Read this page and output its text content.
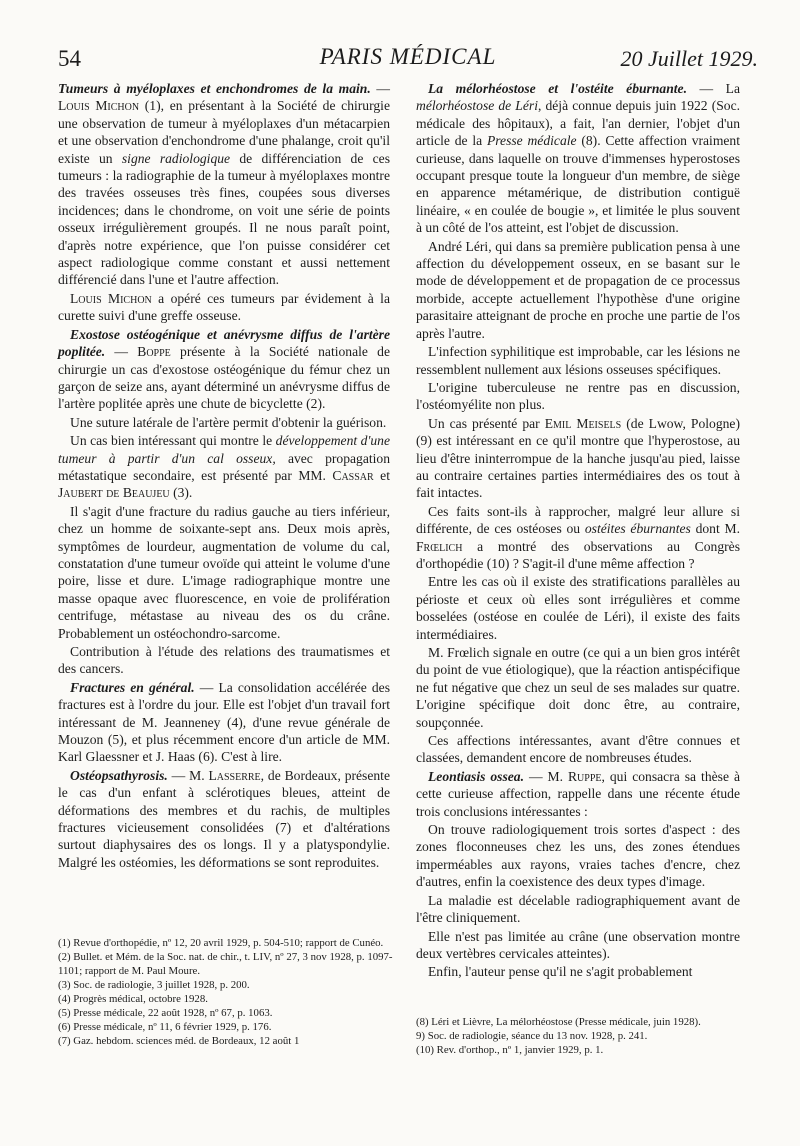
54	PARIS MÉDICAL	20 Juillet 1929.

Tumeurs à myéloplaxes et enchondromes de la main. — Louis Michon (1), en présentant à la Société de chirurgie une observation de tumeur à myéloplaxes d'un métacarpien et une observation d'enchondrome d'une phalange, croit qu'il existe un signe radiologique de différenciation de ces tumeurs : la radiographie de la tumeur à myéloplaxes montre des travées osseuses très fines, coupées sous diverses incidences; dans le chondrome, on voit une série de points osseux irrégulièrement groupés. Il ne nous paraît point, d'après notre expérience, que l'on puisse considérer cet aspect radiologique comme constant et aussi nettement différencié dans l'une et l'autre affection.

Louis Michon a opéré ces tumeurs par évidement à la curette suivi d'une greffe osseuse.

Exostose ostéogénique et anévrysme diffus de l'artère poplitée. — Boppe présente à la Société nationale de chirurgie un cas d'exostose ostéogénique du fémur chez un garçon de seize ans, ayant déterminé un anévrysme diffus de l'artère poplitée après une chute de bicyclette (2).

Une suture latérale de l'artère permit d'obtenir la guérison.

Un cas bien intéressant qui montre le développement d'une tumeur à partir d'un cal osseux, avec propagation métastatique secondaire, est présenté par MM. Cassar et Jaubert de Beaujeu (3).

Il s'agit d'une fracture du radius gauche au tiers inférieur, chez un homme de soixante-sept ans. Deux mois après, symptômes de lourdeur, augmentation de volume du cal, constatation d'une tumeur ovoïde qui atteint le volume d'une poire, lisse et dure. L'image radiographique montre une masse opaque avec fluorescence, en voie de prolifération centrifuge, métastase au niveau des os du crâne. Probablement un ostéochondro-sarcome.

Contribution à l'étude des relations des traumatismes et des cancers.

Fractures en général. — La consolidation accélérée des fractures est à l'ordre du jour. Elle est l'objet d'un travail fort intéressant de M. Jeanneney (4), d'une revue générale de Mouzon (5), et plus récemment encore d'un article de MM. Karl Glaessner et J. Haas (6). C'est à lire.

Ostéopsathyrosis. — M. Lasserre, de Bordeaux, présente le cas d'un enfant à sclérotiques bleues, atteint de déformations des membres et du rachis, de multiples fractures vicieusement consolidées (7) et d'altérations surtout diaphysaires des os longs. Il y a platyspondylie. Malgré les ostéomies, les déformations se sont reproduites.

La mélorhéostose et l'ostéite éburnante. — La mélorhéostose de Léri, déjà connue depuis juin 1922 (Soc. médicale des hôpitaux), a fait, l'an dernier, l'objet d'un article de la Presse médicale (8). Cette affection vraiment curieuse, dans laquelle on trouve d'immenses hyperostoses occupant presque toute la longueur d'un membre, de siège en apparence métamérique, de distribution contiguë linéaire, « en coulée de bougie », et limitée le plus souvent à un côté de l'os atteint, est l'objet de discussion.

André Léri, qui dans sa première publication pensa à une affection du développement osseux, en se basant sur le mode de développement et de propagation de ce processus morbide, accepte actuellement l'hypothèse d'une origine parasitaire atteignant de proche en proche une partie de l'os après l'autre.

L'infection syphilitique est improbable, car les lésions ne ressemblent nullement aux lésions osseuses spécifiques.

L'origine tuberculeuse ne rentre pas en discussion, l'ostéomyélite non plus.

Un cas présenté par Emil Meisels (de Lwow, Pologne) (9) est intéressant en ce qu'il montre que l'hyperostose, au lieu d'être ininterrompue de la hanche jusqu'au pied, laisse au contraire certaines parties intermédiaires des os tout à fait intactes.

Ces faits sont-ils à rapprocher, malgré leur allure si différente, de ces ostéoses ou ostéites éburnantes dont M. Frœlich a montré des observations au Congrès d'orthopédie (10) ? S'agit-il d'une même affection ?

Entre les cas où il existe des stratifications parallèles au périoste et ceux où elles sont irrégulières et comme bosselées (ostéose en coulée de Léri), il existe des faits intermédiaires.

M. Frœlich signale en outre (ce qui a un bien gros intérêt du point de vue étiologique), que la réaction antispécifique ne fut négative que chez un seul de ses malades sur quatre. L'origine spécifique doit donc être, au contraire, soupçonnée.

Ces affections intéressantes, avant d'être connues et classées, demandent encore de nombreuses études.

Leontiasis ossea. — M. Ruppe, qui consacra sa thèse à cette curieuse affection, rappelle dans une récente étude trois conclusions intéressantes :

On trouve radiologiquement trois sortes d'aspect : des zones floconneuses chez les uns, des zones étendues imperméables aux rayons, vraies taches d'encre, chez d'autres, enfin la coexistence des deux types d'image.

La maladie est décelable radiographiquement avant de l'être cliniquement.

Elle n'est pas limitée au crâne (une observation montre deux vertèbres cervicales atteintes).

Enfin, l'auteur pense qu'il ne s'agit probablement

(1) Revue d'orthopédie, nº 12, 20 avril 1929, p. 504-510; rapport de Cunéo.
(2) Bullet. et Mém. de la Soc. nat. de chir., t. LIV, nº 27, 3 nov 1928, p. 1097-1101; rapport de M. Paul Moure.
(3) Soc. de radiologie, 3 juillet 1928, p. 200.
(4) Progrès médical, octobre 1928.
(5) Presse médicale, 22 août 1928, nº 67, p. 1063.
(6) Presse médicale, nº 11, 6 février 1929, p. 176.
(7) Gaz. hebdom. sciences méd. de Bordeaux, 12 août 1
(8) Léri et Lièvre, La mélorhéostose (Presse médicale, juin 1928).
9) Soc. de radiologie, séance du 13 nov. 1928, p. 241.
(10) Rev. d'orthop., nº 1, janvier 1929, p. 1.
